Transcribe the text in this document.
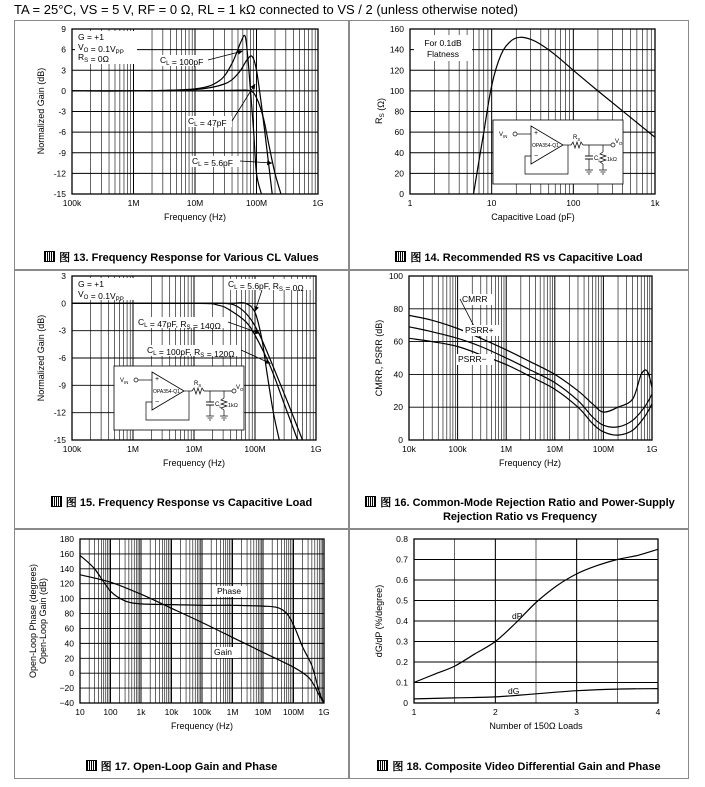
TA = 25°C, VS = 5 V, RF = 0 Ω, RL = 1 kΩ connected to VS / 2 (unless otherwise noted)
100k	1M	10M	100M	1G
9
6
3
0
-3
-6
-9
-12
-15
Frequency (Hz)
Normalized Gain (dB)
G = +1
$V_O = 0.1V_{PP}$
$R_S = 0\Omega$	$C_L = 100pF$
$C_L = 47pF$
$C_L = 5.6pF$
1	10	100	1k
160
140
120
100
80
60
40
20
0
Capacitive Load (pF)
$R_S$ (Ω)
For 0.1dB
Flatness
$V_{IN}$	+
−
OPA354-Q1
$R_S$	$V_O$
$C_L$ 1kΩ
100k	1M	10M	100M	1G
3
0
-3
-6
-9
-12
-15
Frequency (Hz)
Normalized Gain (dB)
G = +1
$V_O = 0.1V_{PP}$
$C_L = 5.6pF$, $R_S = 0\Omega$
$C_L = 47pF$, $R_S = 140\Omega$
$C_L = 100pF$, $R_S = 120\Omega$
$V_{IN}$	+
−
OPA354-Q1
$R_S$	$V_O$
$C_L$ 1kΩ
10k	100k	1M	10M	100M	1G
100
80
60
40
20
0
Frequency (Hz)
CMRR, PSRR (dB)
CMRR
PSRR+
PSRR−
10 100 1k 10k 100k 1M 10M 100M 1G
180
160
140
120
100
80
60
40
20
0
−20
−40
Frequency (Hz)
Open-Loop Phase (degrees) Open-Loop Gain (dB)	Phase
Gain
1	2	3	4
0.8
0.7
0.6
0.5
0.4
0.3
0.2
0.1
0
Number of 150Ω Loads
dG/dP (%/degree)	dP
dG
图 13. Frequency Response for Various CL Values	图 14. Recommended RS vs Capacitive Load
图 15. Frequency Response vs Capacitive Load	图 16. Common-Mode Rejection Ratio and Power-Supply Rejection Ratio vs Frequency
图 17. Open-Loop Gain and Phase	图 18. Composite Video Differential Gain and Phase
